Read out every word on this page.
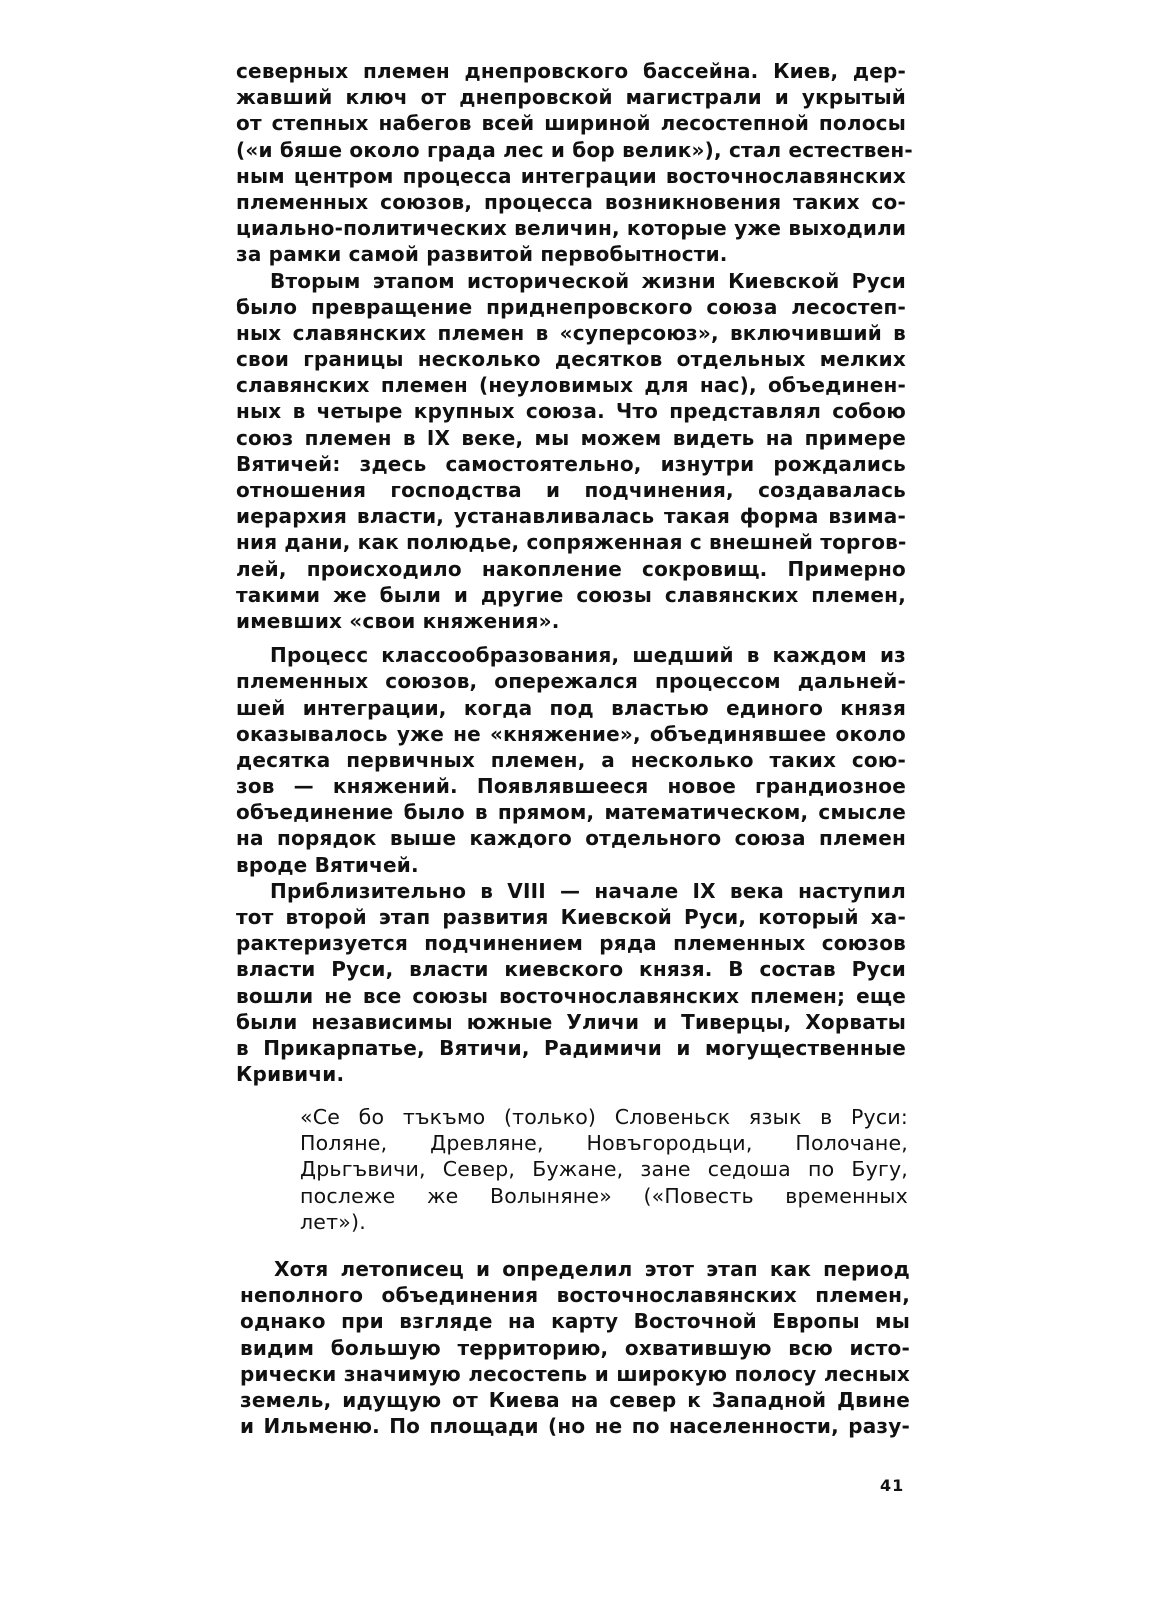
северных племен днепровского бассейна. Киев, дер-
жавший ключ от днепровской магистрали и укрытый
от степных набегов всей шириной лесостепной полосы
(«и бяше около града лес и бор велик»), стал естествен-
ным центром процесса интеграции восточнославянских
племенных союзов, процесса возникновения таких со-
циально-политических величин, которые уже выходили
за рамки самой развитой первобытности.
Вторым этапом исторической жизни Киевской Руси
было превращение приднепровского союза лесостеп-
ных славянских племен в «суперсоюз», включивший в
свои границы несколько десятков отдельных мелких
славянских племен (неуловимых для нас), объединен-
ных в четыре крупных союза. Что представлял собою
союз племен в IX веке, мы можем видеть на примере
Вятичей: здесь самостоятельно, изнутри рождались
отношения господства и подчинения, создавалась
иерархия власти, устанавливалась такая форма взима-
ния дани, как полюдье, сопряженная с внешней торгов-
лей, происходило накопление сокровищ. Примерно
такими же были и другие союзы славянских племен,
имевших «свои княжения».
Процесс классообразования, шедший в каждом из
племенных союзов, опережался процессом дальней-
шей интеграции, когда под властью единого князя
оказывалось уже не «княжение», объединявшее около
десятка первичных племен, а несколько таких сою-
зов — княжений. Появлявшееся новое грандиозное
объединение было в прямом, математическом, смысле
на порядок выше каждого отдельного союза племен
вроде Вятичей.
Приблизительно в VIII — начале IX века наступил
тот второй этап развития Киевской Руси, который ха-
рактеризуется подчинением ряда племенных союзов
власти Руси, власти киевского князя. В состав Руси
вошли не все союзы восточнославянских племен; еще
были независимы южные Уличи и Тиверцы, Хорваты
в Прикарпатье, Вятичи, Радимичи и могущественные
Кривичи.
«Се бо тъкъмо (только) Словеньск язык в Руси:
Поляне, Древляне, Новъгородьци, Полочане,
Дрьгъвичи, Север, Бужане, зане седоша по Бугу,
послеже же Волыняне» («Повесть временных
лет»).
Хотя летописец и определил этот этап как период
неполного объединения восточнославянских племен,
однако при взгляде на карту Восточной Европы мы
видим большую территорию, охватившую всю исто-
рически значимую лесостепь и широкую полосу лесных
земель, идущую от Киева на север к Западной Двине
и Ильменю. По площади (но не по населенности, разу-
41
